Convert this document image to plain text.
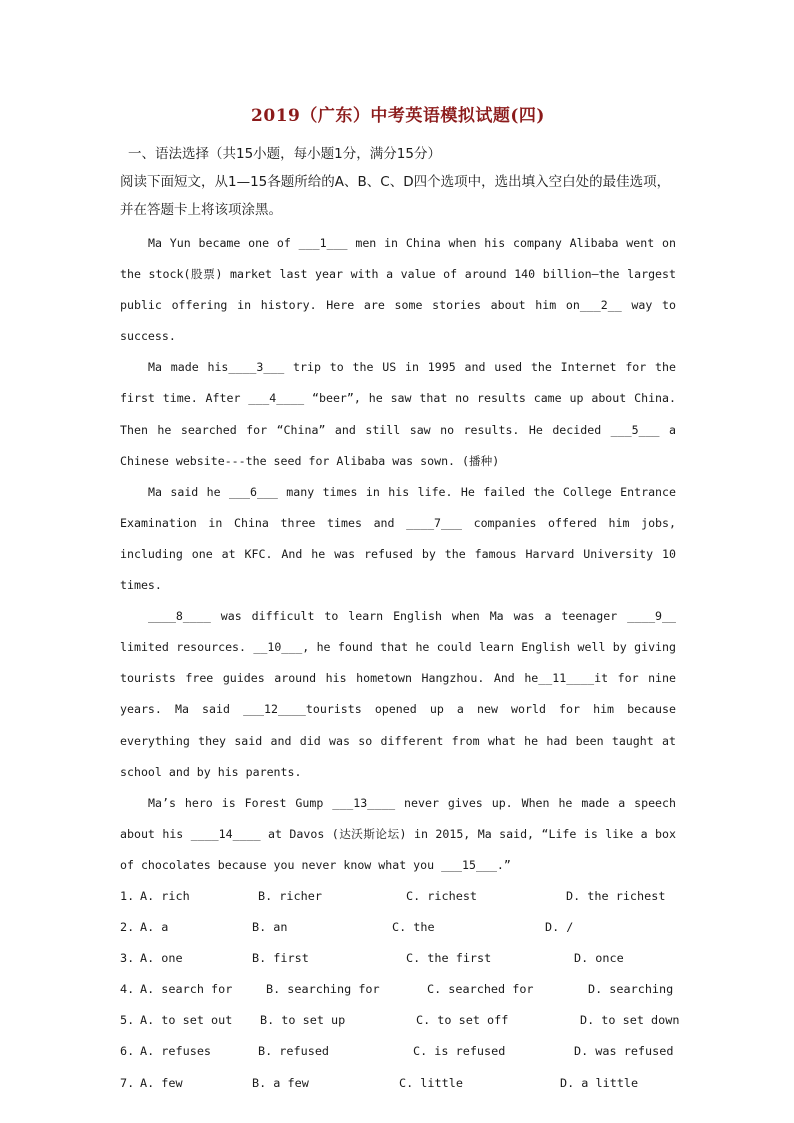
2019（广东）中考英语模拟试题(四)
一、语法选择（共15小题，每小题1分，满分15分）
阅读下面短文，从1—15各题所给的A、B、C、D四个选项中，选出填入空白处的最佳选项，并在答题卡上将该项涂黑。

Ma Yun became one of ___1___ men in China when his company Alibaba went on the stock(股票) market last year with a value of around 140 billion—the largest public offering in history. Here are some stories about him on___2__ way to success.

Ma made his____3___ trip to the US in 1995 and used the Internet for the first time. After ___4____ “beer”, he saw that no results came up about China. Then he searched for “China” and still saw no results. He decided ___5___ a Chinese website---the seed for Alibaba was sown. (播种)

Ma said he ___6___ many times in his life. He failed the College Entrance Examination in China three times and ____7___ companies offered him jobs, including one at KFC. And he was refused by the famous Harvard University 10 times.

____8____ was difficult to learn English when Ma was a teenager ____9__ limited resources. __10___, he found that he could learn English well by giving tourists free guides around his hometown Hangzhou. And he__11____it for nine years. Ma said ___12____tourists opened up a new world for him because everything they said and did was so different from what he had been taught at school and by his parents.

Ma’s hero is Forest Gump ___13____ never gives up. When he made a speech about his ____14____ at Davos (达沃斯论坛) in 2015, Ma said, “Life is like a box of chocolates because you never know what you ___15___.”

1. A. rich	B. richer	C. richest	D. the richest
2. A. a	B. an	C. the	D. /
3. A. one	B. first	C. the first	D. once
4. A. search for	B. searching for	C. searched for	D. searching
5. A. to set out B. to set up	C. to set off	D. to set down
6. A. refuses	B. refused	C. is refused	D. was refused
7. A. few	B. a few	C. little	D. a little
